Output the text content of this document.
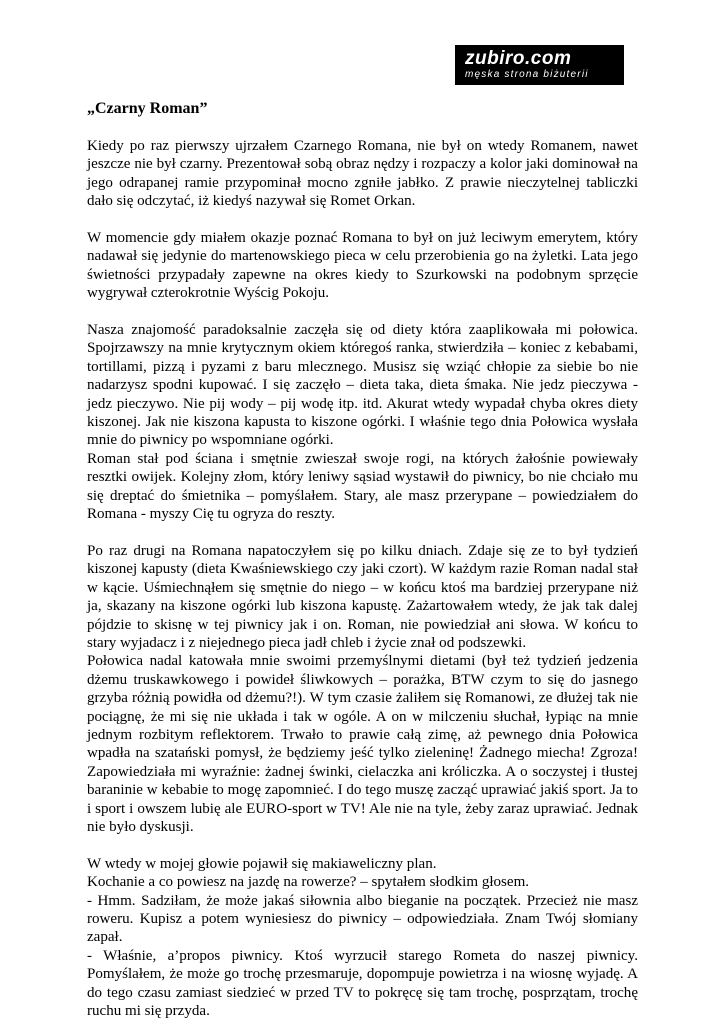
zubiro.com
męska strona biżuterii
„Czarny Roman”

Kiedy po raz pierwszy ujrzałem Czarnego Romana, nie był on wtedy Romanem, nawet jeszcze nie był czarny. Prezentował sobą obraz nędzy i rozpaczy a kolor jaki dominował na jego odrapanej ramie przypominał mocno zgniłe jabłko. Z prawie nieczytelnej tabliczki dało się odczytać, iż kiedyś nazywał się Romet Orkan.

W momencie gdy miałem okazje poznać Romana to był on już leciwym emerytem, który nadawał się jedynie do martenowskiego pieca w celu przerobienia go na żyletki. Lata jego świetności przypadały zapewne na okres kiedy to Szurkowski na podobnym sprzęcie wygrywał czterokrotnie Wyścig Pokoju.

Nasza znajomość paradoksalnie zaczęła się od diety która zaaplikowała mi połowica. Spojrzawszy na mnie krytycznym okiem któregoś ranka, stwierdziła – koniec z kebabami, tortillami, pizzą i pyzami z baru mlecznego. Musisz się wziąć chłopie za siebie bo nie nadarzysz spodni kupować. I się zaczęło – dieta taka, dieta śmaka. Nie jedz pieczywa - jedz pieczywo. Nie pij wody – pij wodę itp. itd. Akurat wtedy wypadał chyba okres diety kiszonej. Jak nie kiszona kapusta to kiszone ogórki. I właśnie tego dnia Połowica wysłała mnie do piwnicy po wspomniane ogórki.

Roman stał pod ściana i smętnie zwieszał swoje rogi, na których żałośnie powiewały resztki owijek. Kolejny złom, który leniwy sąsiad wystawił do piwnicy, bo nie chciało mu się dreptać do śmietnika – pomyślałem. Stary, ale masz przerypane – powiedziałem do Romana - myszy Cię tu ogryza do reszty.

Po raz drugi na Romana napatoczyłem się po kilku dniach. Zdaje się ze to był tydzień kiszonej kapusty (dieta Kwaśniewskiego czy jaki czort). W każdym razie Roman nadal stał w kącie. Uśmiechnąłem się smętnie do niego – w końcu ktoś ma bardziej przerypane niż ja, skazany na kiszone ogórki lub kiszona kapustę. Zażartowałem wtedy, że jak tak dalej pójdzie to skisnę w tej piwnicy jak i on. Roman, nie powiedział ani słowa. W końcu to stary wyjadacz i z niejednego pieca jadł chleb i życie znał od podszewki.

Połowica nadal katowała mnie swoimi przemyślnymi dietami (był też tydzień jedzenia dżemu truskawkowego i powideł śliwkowych – porażka, BTW czym to się do jasnego grzyba różnią powidła od dżemu?!). W tym czasie żaliłem się Romanowi, ze dłużej tak nie pociągnę, że mi się nie układa i tak w ogóle. A on w milczeniu słuchał, łypiąc na mnie jednym rozbitym reflektorem. Trwało to prawie całą zimę, aż pewnego dnia Połowica wpadła na szatański pomysł, że będziemy jeść tylko zieleninę! Żadnego miecha! Zgroza! Zapowiedziała mi wyraźnie: żadnej świnki, cielaczka ani króliczka. A o soczystej i tłustej baraninie w kebabie to mogę zapomnieć. I do tego muszę zacząć uprawiać jakiś sport. Ja to i sport i owszem lubię ale EURO-sport w TV! Ale nie na tyle, żeby zaraz uprawiać. Jednak nie było dyskusji.

W wtedy w mojej głowie pojawił się makiaweliczny plan.

Kochanie a co powiesz na jazdę na rowerze? – spytałem słodkim głosem.

- Hmm. Sadziłam, że może jakaś siłownia albo bieganie na początek. Przecież nie masz roweru. Kupisz a potem wyniesiesz do piwnicy – odpowiedziała. Znam Twój słomiany zapał.

- Właśnie, a’propos piwnicy. Ktoś wyrzucił starego Rometa do naszej piwnicy. Pomyślałem, że może go trochę przesmaruje, dopompuje powietrza i na wiosnę wyjadę. A do tego czasu zamiast siedzieć w przed TV to pokręcę się tam trochę, posprzątam, trochę ruchu mi się przyda.
